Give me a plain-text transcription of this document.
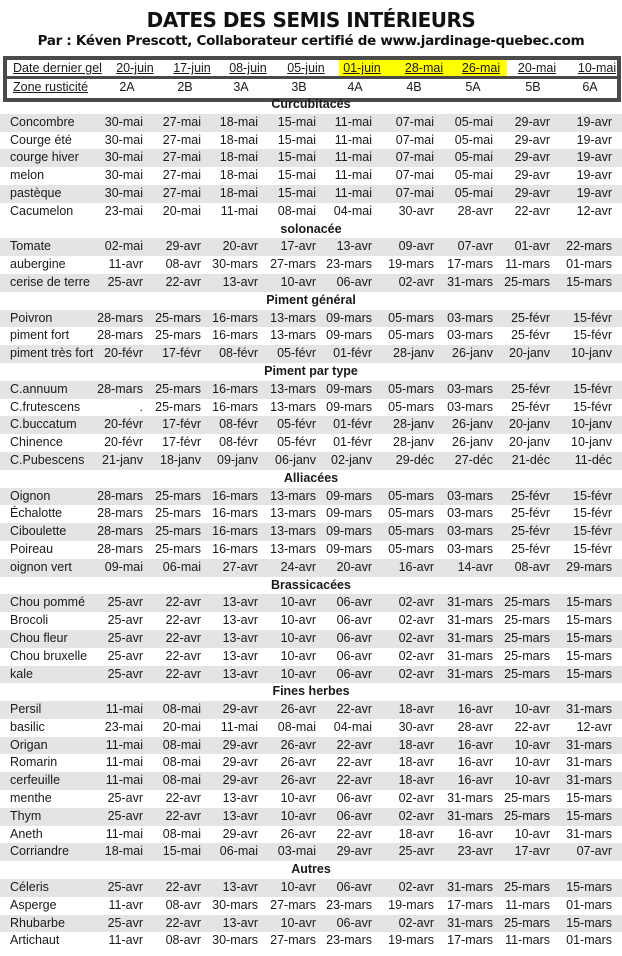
DATES DES SEMIS INTÉRIEURS
Par : Kéven Prescott, Collaborateur certifié de www.jardinage-quebec.com
Date dernier gel 20-juin 17-juin 08-juin 05-juin 01-juin 28-mai 26-mai 20-mai 10-mai
Zone rusticité	2A	2B	3A	3B	4A	4B	5A	5B	6A
Curcubitacés
Concombre 30-mai 27-mai 18-mai 15-mai 11-mai 07-mai 05-mai 29-avr 19-avr
Courge été	30-mai 27-mai 18-mai 15-mai 11-mai 07-mai 05-mai 29-avr 19-avr
courge hiver 30-mai 27-mai 18-mai 15-mai 11-mai 07-mai 05-mai 29-avr 19-avr
melon	30-mai 27-mai 18-mai 15-mai 11-mai 07-mai 05-mai 29-avr 19-avr
pastèque	30-mai 27-mai 18-mai 15-mai 11-mai 07-mai 05-mai 29-avr 19-avr
Cacumelon	23-mai 20-mai 11-mai 08-mai 04-mai 30-avr 28-avr 22-avr 12-avr
solonacée
Tomate	02-mai 29-avr 20-avr 17-avr 13-avr 09-avr 07-avr 01-avr 22-mars
aubergine	11-avr 08-avr 30-mars 27-mars 23-mars 19-mars 17-mars 11-mars 01-mars
cerise de terre 25-avr 22-avr 13-avr 10-avr 06-avr 02-avr 31-mars 25-mars 15-mars
Piment général
Poivron	28-mars 25-mars 16-mars 13-mars 09-mars 05-mars 03-mars 25-févr 15-févr
piment fort 28-mars 25-mars 16-mars 13-mars 09-mars 05-mars 03-mars 25-févr 15-févr
piment très fort 20-févr 17-févr 08-févr 05-févr 01-févr 28-janv 26-janv 20-janv 10-janv
Piment par type
C.annuum 28-mars 25-mars 16-mars 13-mars 09-mars 05-mars 03-mars 25-févr 15-févr
C.frutescens	. 25-mars 16-mars 13-mars 09-mars 05-mars 03-mars 25-févr 15-févr
C.buccatum 20-févr 17-févr 08-févr 05-févr 01-févr 28-janv 26-janv 20-janv 10-janv
Chinence	20-févr 17-févr 08-févr 05-févr 01-févr 28-janv 26-janv 20-janv 10-janv
C.Pubescens 21-janv 18-janv 09-janv 06-janv 02-janv 29-déc 27-déc 21-déc 11-déc
Alliacées
Oignon	28-mars 25-mars 16-mars 13-mars 09-mars 05-mars 03-mars 25-févr 15-févr
Échalotte	28-mars 25-mars 16-mars 13-mars 09-mars 05-mars 03-mars 25-févr 15-févr
Ciboulette 28-mars 25-mars 16-mars 13-mars 09-mars 05-mars 03-mars 25-févr 15-févr
Poireau	28-mars 25-mars 16-mars 13-mars 09-mars 05-mars 03-mars 25-févr 15-févr
oignon vert	09-mai 06-mai 27-avr 24-avr 20-avr 16-avr 14-avr 08-avr 29-mars
Brassicacées
Chou pommé 25-avr 22-avr 13-avr 10-avr 06-avr 02-avr 31-mars 25-mars 15-mars
Brocoli	25-avr 22-avr 13-avr 10-avr 06-avr 02-avr 31-mars 25-mars 15-mars
Chou fleur	25-avr 22-avr 13-avr 10-avr 06-avr 02-avr 31-mars 25-mars 15-mars
Chou bruxelle 25-avr 22-avr 13-avr 10-avr 06-avr 02-avr 31-mars 25-mars 15-mars
kale	25-avr 22-avr 13-avr 10-avr 06-avr 02-avr 31-mars 25-mars 15-mars
Fines herbes
Persil	11-mai 08-mai 29-avr 26-avr 22-avr 18-avr 16-avr 10-avr 31-mars
basilic	23-mai 20-mai 11-mai 08-mai 04-mai 30-avr 28-avr 22-avr 12-avr
Origan	11-mai 08-mai 29-avr 26-avr 22-avr 18-avr 16-avr 10-avr 31-mars
Romarin	11-mai 08-mai 29-avr 26-avr 22-avr 18-avr 16-avr 10-avr 31-mars
cerfeuille	11-mai 08-mai 29-avr 26-avr 22-avr 18-avr 16-avr 10-avr 31-mars
menthe	25-avr 22-avr 13-avr 10-avr 06-avr 02-avr 31-mars 25-mars 15-mars
Thym	25-avr 22-avr 13-avr 10-avr 06-avr 02-avr 31-mars 25-mars 15-mars
Aneth	11-mai 08-mai 29-avr 26-avr 22-avr 18-avr 16-avr 10-avr 31-mars
Corriandre	18-mai 15-mai 06-mai 03-mai 29-avr 25-avr 23-avr 17-avr 07-avr
Autres
Céleris	25-avr 22-avr 13-avr 10-avr 06-avr 02-avr 31-mars 25-mars 15-mars
Asperge	11-avr 08-avr 30-mars 27-mars 23-mars 19-mars 17-mars 11-mars 01-mars
Rhubarbe	25-avr 22-avr 13-avr 10-avr 06-avr 02-avr 31-mars 25-mars 15-mars
Artichaut	11-avr 08-avr 30-mars 27-mars 23-mars 19-mars 17-mars 11-mars 01-mars
